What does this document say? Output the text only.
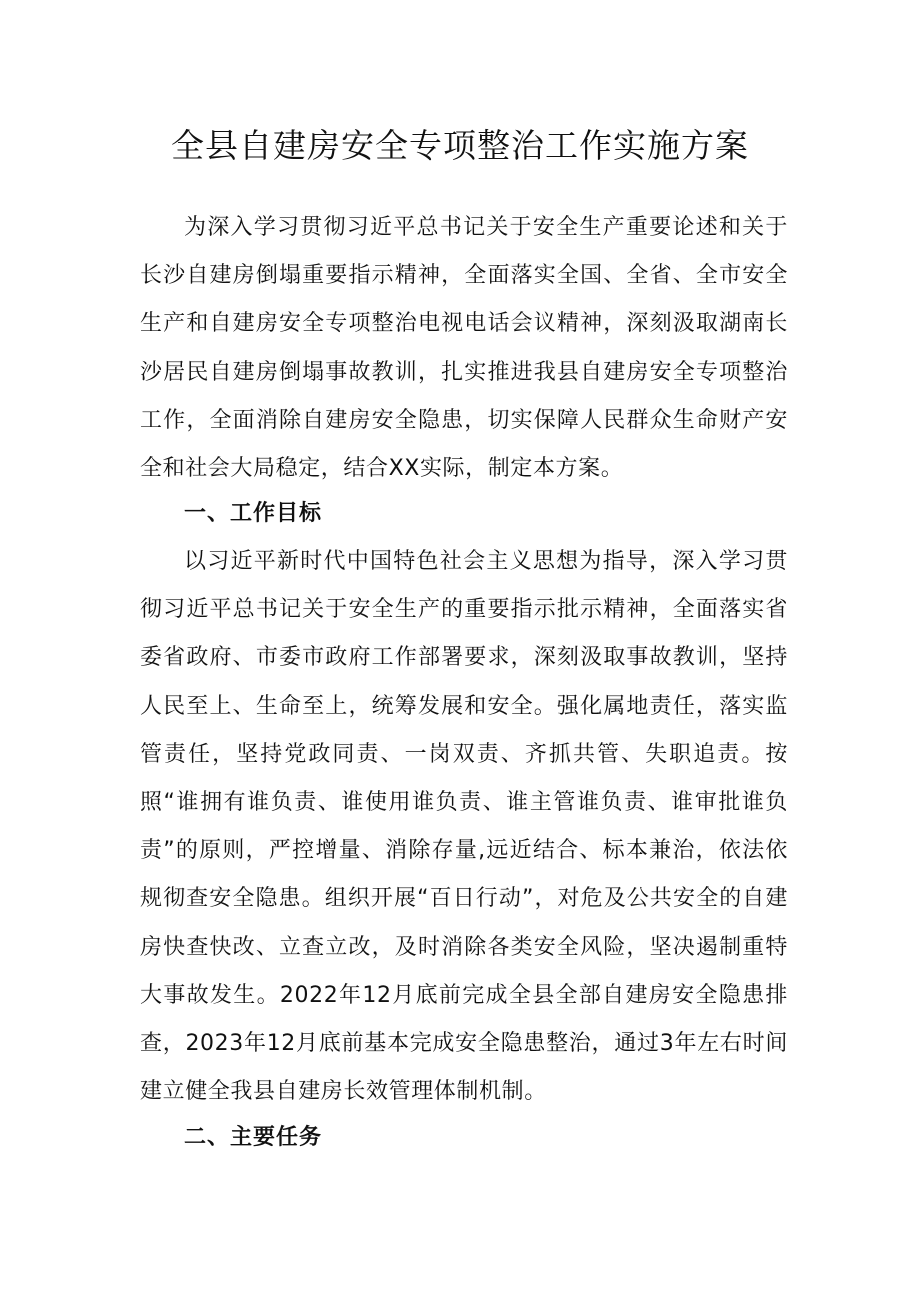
全县自建房安全专项整治工作实施方案

为深入学习贯彻习近平总书记关于安全生产重要论述和关于长沙自建房倒塌重要指示精神，全面落实全国、全省、全市安全生产和自建房安全专项整治电视电话会议精神，深刻汲取湖南长沙居民自建房倒塌事故教训，扎实推进我县自建房安全专项整治工作，全面消除自建房安全隐患，切实保障人民群众生命财产安全和社会大局稳定，结合XX实际，制定本方案。

一、工作目标

以习近平新时代中国特色社会主义思想为指导，深入学习贯彻习近平总书记关于安全生产的重要指示批示精神，全面落实省委省政府、市委市政府工作部署要求，深刻汲取事故教训，坚持人民至上、生命至上，统筹发展和安全。强化属地责任，落实监管责任，坚持党政同责、一岗双责、齐抓共管、失职追责。按照“谁拥有谁负责、谁使用谁负责、谁主管谁负责、谁审批谁负责”的原则，严控增量、消除存量,远近结合、标本兼治，依法依规彻查安全隐患。组织开展“百日行动”，对危及公共安全的自建房快查快改、立查立改，及时消除各类安全风险，坚决遏制重特大事故发生。2022年12月底前完成全县全部自建房安全隐患排查，2023年12月底前基本完成安全隐患整治，通过3年左右时间建立健全我县自建房长效管理体制机制。

二、主要任务
